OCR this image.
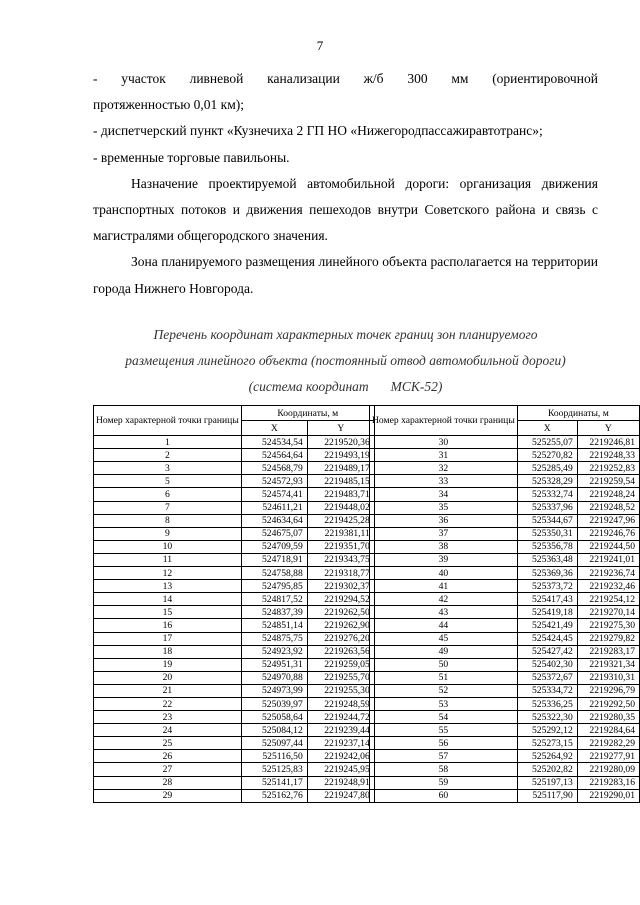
7
- участок ливневой канализации ж/б 300 мм (ориентировочной

протяженностью 0,01 км);

- диспетчерский пункт «Кузнечиха 2 ГП НО «Нижегородпассажиравтотранс»;

- временные торговые павильоны.

Назначение проектируемой автомобильной дороги: организация движения транспортных потоков и движения пешеходов внутри Советского района и связь с магистралями общегородского значения.

Зона планируемого размещения линейного объекта располагается на территории города Нижнего Новгорода.

Перечень координат характерных точек границ зон планируемого
размещения линейного объекта (постоянный отвод автомобильной дороги)
(система координат МСК-52)
Номер характерной точки границы	Координаты, м	
	X	Y
1	524534,54	2219520,36
2	524564,64	2219493,19
3	524568,79	2219489,17
5	524572,93	2219485,15
6	524574,41	2219483,71
7	524611,21	2219448,02
8	524634,64	2219425,28
9	524675,07	2219381,11
10	524709,59	2219351,70
11	524718,91	2219343,75
12	524758,88	2219318,77
13	524795,85	2219302,37
14	524817,52	2219294,52
15	524837,39	2219262,50
16	524851,14	2219262,90
17	524875,75	2219276,20
18	524923,92	2219263,56
19	524951,31	2219259,05
20	524970,88	2219255,70
21	524973,99	2219255,30
22	525039,97	2219248,59
23	525058,64	2219244,72
24	525084,12	2219239,44
25	525097,44	2219237,14
26	525116,50	2219242,06
27	525125,83	2219245,95
28	525141,17	2219248,91
29	525162,76	2219247,80
Номер характерной точки границы	Координаты, м	
	X	Y
30	525255,07	2219246,81
31	525270,82	2219248,33
32	525285,49	2219252,83
33	525328,29	2219259,54
34	525332,74	2219248,24
35	525337,96	2219248,52
36	525344,67	2219247,96
37	525350,31	2219246,76
38	525356,78	2219244,50
39	525363,48	2219241,01
40	525369,36	2219236,74
41	525373,72	2219232,46
42	525417,43	2219254,12
43	525419,18	2219270,14
44	525421,49	2219275,30
45	525424,45	2219279,82
49	525427,42	2219283,17
50	525402,30	2219321,34
51	525372,67	2219310,31
52	525334,72	2219296,79
53	525336,25	2219292,50
54	525322,30	2219280,35
55	525292,12	2219284,64
56	525273,15	2219282,29
57	525264,92	2219277,91
58	525202,82	2219280,09
59	525197,13	2219283,16
60	525117,90	2219290,01
